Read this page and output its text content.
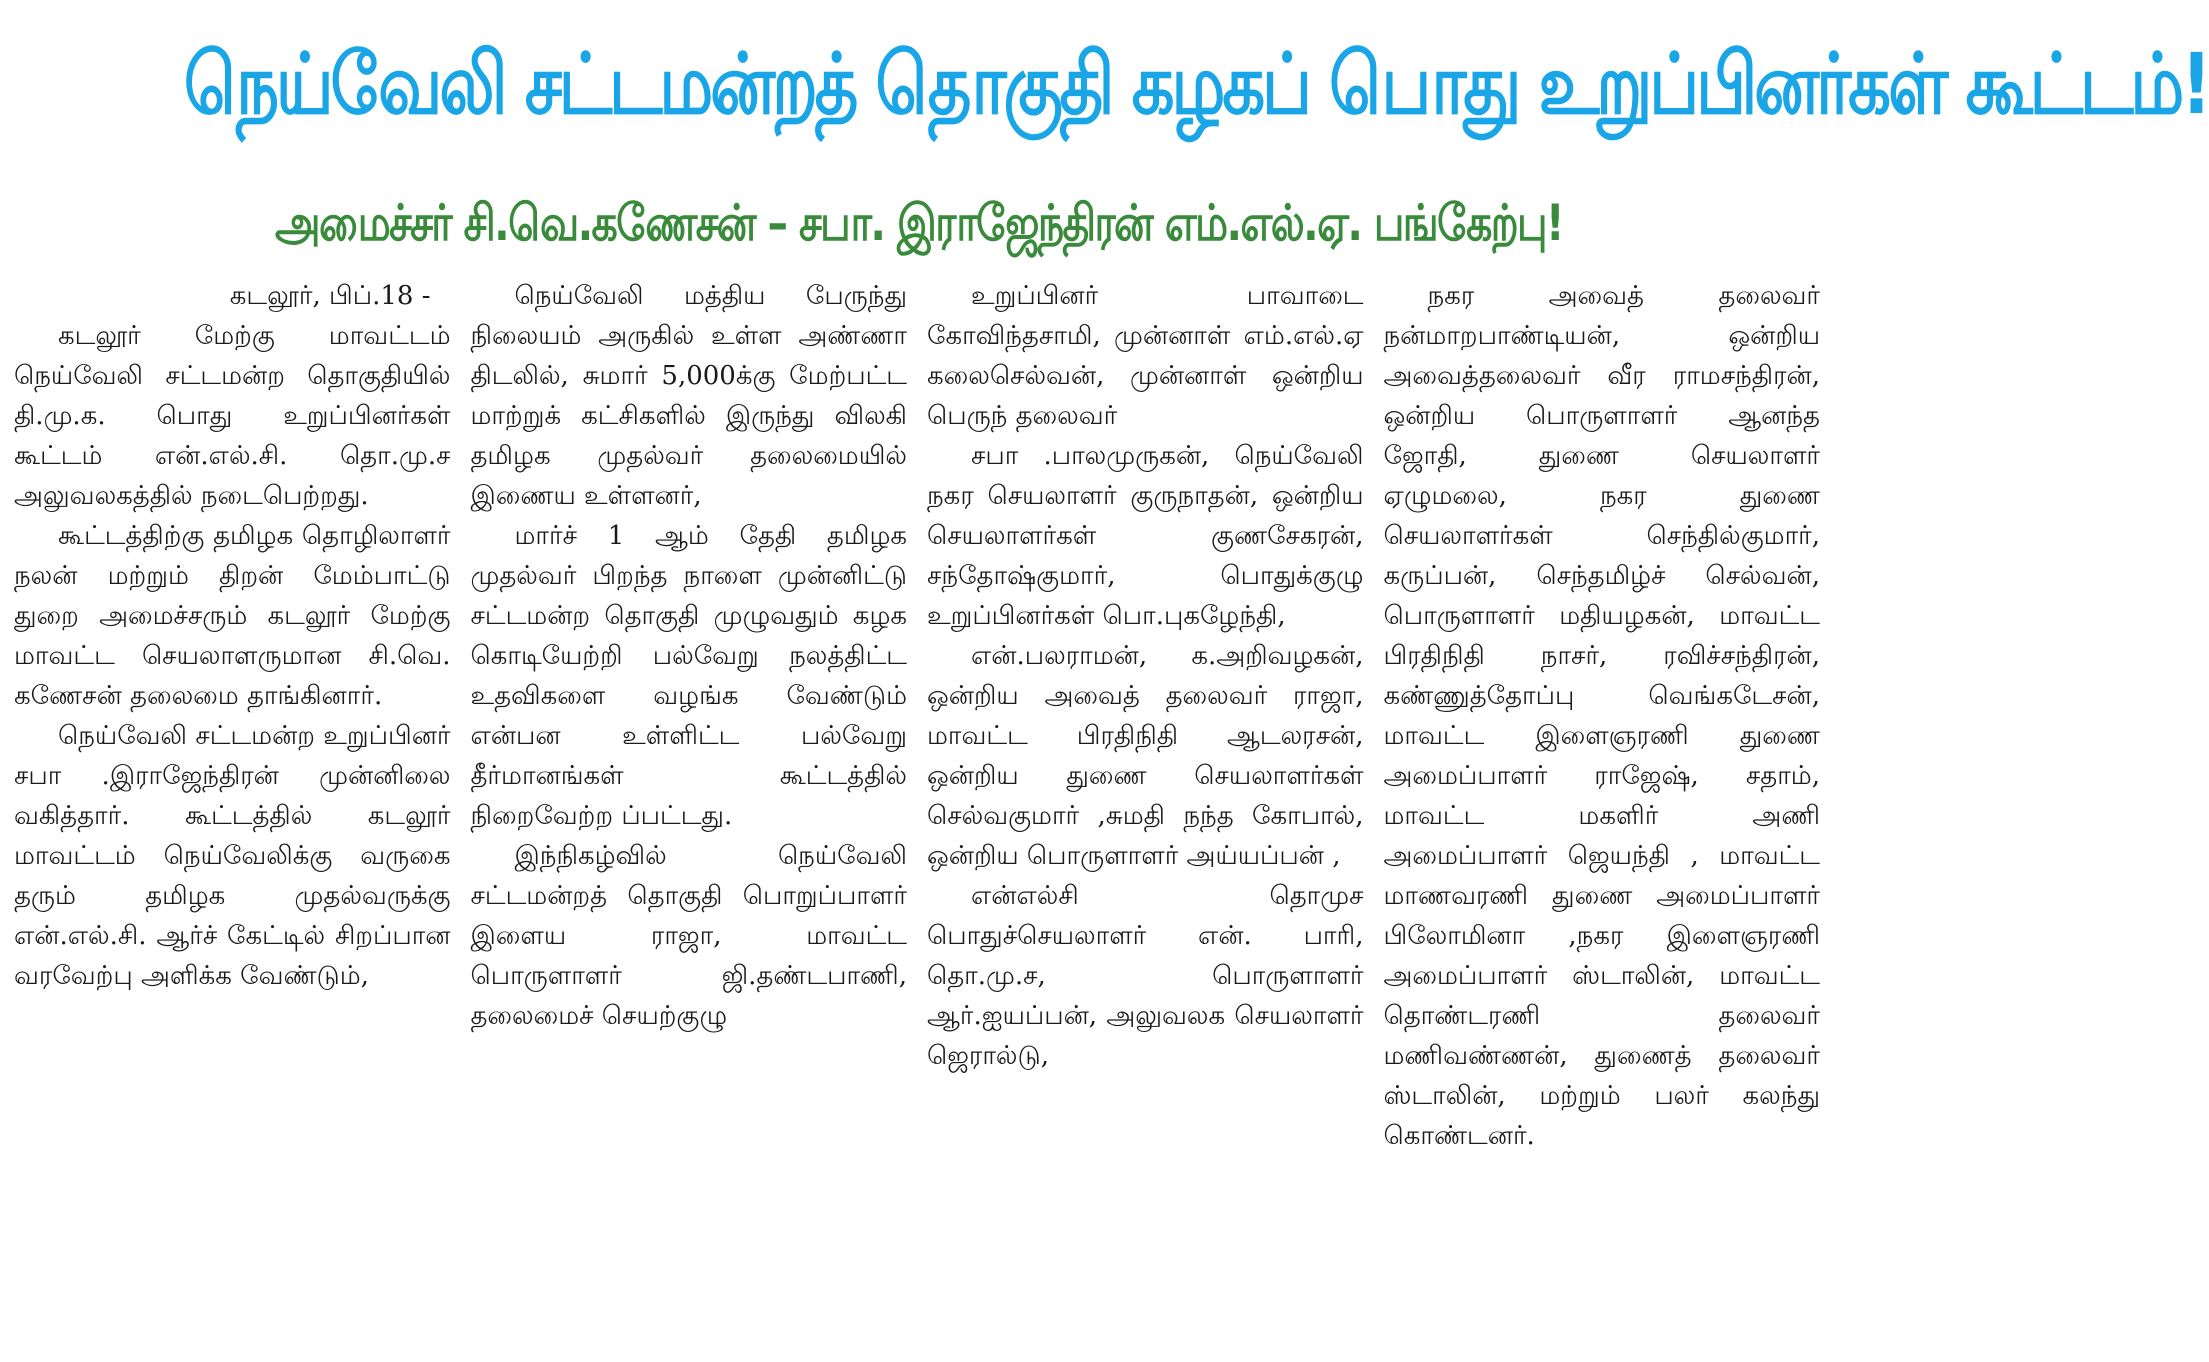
நெய்வேலி சட்டமன்றத் தொகுதி கழகப் பொது உறுப்பினர்கள் கூட்டம்!
அமைச்சர் சி.வெ.கணேசன் – சபா. இராஜேந்திரன் எம்.எல்.ஏ. பங்கேற்பு!

கடலூர், பிப்.18 -

கடலூர் மேற்கு மாவட்டம் நெய்வேலி சட்டமன்ற தொகுதியில் தி.மு.க. பொது உறுப்பினர்கள் கூட்டம் என்.எல்.சி. தொ.மு.ச அலுவலகத்தில் நடைபெற்றது.

கூட்டத்திற்கு தமிழக தொழிலாளர் நலன் மற்றும் திறன் மேம்பாட்டு துறை அமைச்சரும் கடலூர் மேற்கு மாவட்ட செயலாளருமான சி.வெ. கணேசன் தலைமை தாங்கினார்.

நெய்வேலி சட்டமன்ற உறுப்பினர் சபா .இராஜேந்திரன் முன்னிலை வகித்தார். கூட்டத்தில் கடலூர் மாவட்டம் நெய்வேலிக்கு வருகை தரும் தமிழக முதல்வருக்கு என்.எல்.சி. ஆர்ச் கேட்டில் சிறப்பான வரவேற்பு அளிக்க வேண்டும்,

நெய்வேலி மத்திய பேருந்து நிலையம் அருகில் உள்ள அண்ணா திடலில், சுமார் 5,000க்கு மேற்பட்ட மாற்றுக் கட்சிகளில் இருந்து விலகி தமிழக முதல்வர் தலைமையில் இணைய உள்ளனர்,

மார்ச் 1 ஆம் தேதி தமிழக முதல்வர் பிறந்த நாளை முன்னிட்டு சட்டமன்ற தொகுதி முழுவதும் கழக கொடியேற்றி பல்வேறு நலத்திட்ட உதவிகளை வழங்க வேண்டும் என்பன உள்ளிட்ட பல்வேறு தீர்மானங்கள் கூட்டத்தில் நிறைவேற்ற ப்பட்டது.

இந்நிகழ்வில் நெய்வேலி சட்டமன்றத் தொகுதி பொறுப்பாளர் இளைய ராஜா, மாவட்ட பொருளாளர் ஜி.தண்டபாணி, தலைமைச் செயற்குழு

உறுப்பினர் பாவாடை கோவிந்தசாமி, முன்னாள் எம்.எல்.ஏ கலைசெல்வன், முன்னாள் ஒன்றிய பெருந் தலைவர்

சபா .பாலமுருகன், நெய்வேலி நகர செயலாளர் குருநாதன், ஒன்றிய செயலாளர்கள் குணசேகரன், சந்தோஷ்குமார், பொதுக்குழு உறுப்பினர்கள் பொ.புகழேந்தி,

என்.பலராமன், க.அறிவழகன், ஒன்றிய அவைத் தலைவர் ராஜா, மாவட்ட பிரதிநிதி ஆடலரசன், ஒன்றிய துணை செயலாளர்கள் செல்வகுமார் ,சுமதி நந்த கோபால், ஒன்றிய பொருளாளர் அய்யப்பன் ,

என்எல்சி தொமுச பொதுச்செயலாளர் என். பாரி, தொ.மு.ச, பொருளாளர் ஆர்.ஐயப்பன், அலுவலக செயலாளர் ஜெரால்டு,

நகர அவைத் தலைவர் நன்மாறபாண்டியன், ஒன்றிய அவைத்தலைவர் வீர ராமசந்திரன், ஒன்றிய பொருளாளர் ஆனந்த ஜோதி, துணை செயலாளர் ஏழுமலை, நகர துணை செயலாளர்கள் செந்தில்குமார், கருப்பன், செந்தமிழ்ச் செல்வன், பொருளாளர் மதியழகன், மாவட்ட பிரதிநிதி நாசர், ரவிச்சந்திரன், கண்ணுத்தோப்பு வெங்கடேசன், மாவட்ட இளைஞரணி துணை அமைப்பாளர் ராஜேஷ், சதாம், மாவட்ட மகளிர் அணி அமைப்பாளர் ஜெயந்தி , மாவட்ட மாணவரணி துணை அமைப்பாளர் பிலோமினா ,நகர இளைஞரணி அமைப்பாளர் ஸ்டாலின், மாவட்ட தொண்டரணி தலைவர் மணிவண்ணன், துணைத் தலைவர் ஸ்டாலின், மற்றும் பலர் கலந்து கொண்டனர்.
